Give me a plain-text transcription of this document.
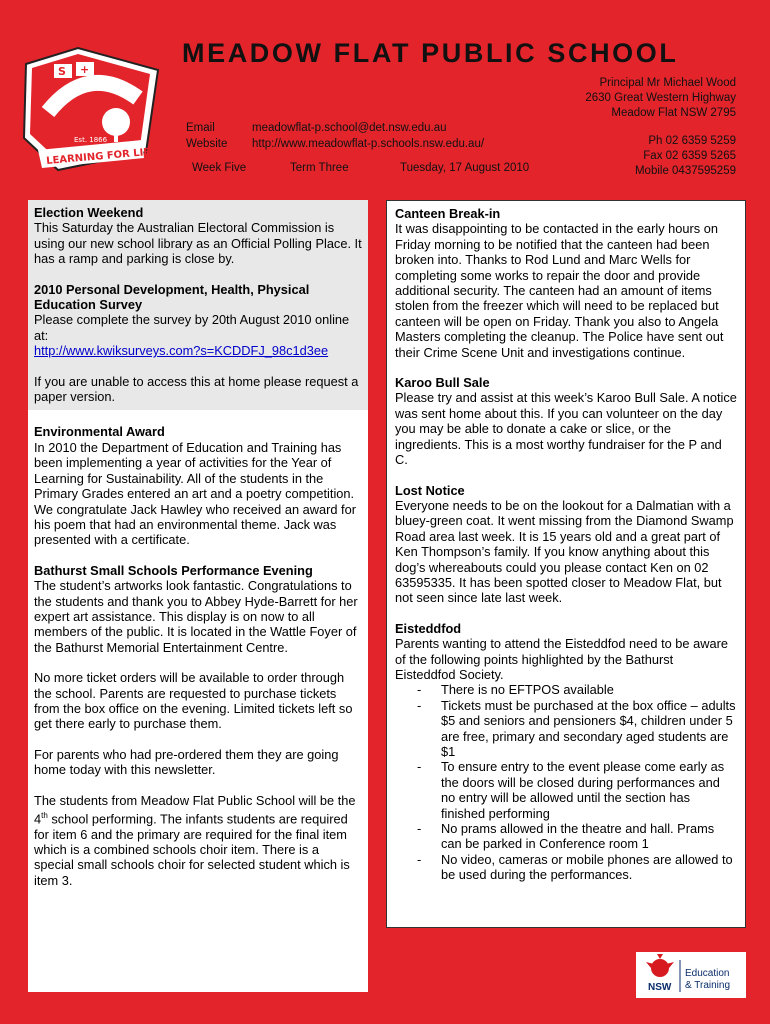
S +
Est. 1866
LEARNING FOR LIFE
MEADOW FLAT PUBLIC SCHOOL
Principal Mr Michael Wood
2630 Great Western Highway
Meadow Flat NSW 2795
Ph 02 6359 5259
Fax 02 6359 5265
Mobile 0437595259
Email	meadowflat-p.school@det.nsw.edu.au
Website http://www.meadowflat-p.schools.nsw.edu.au/
Week Five	Term Three	Tuesday, 17 August 2010
Election Weekend

This Saturday the Australian Electoral Commission is using our new school library as an Official Polling Place. It has a ramp and parking is close by.

2010 Personal Development, Health, Physical Education Survey

Please complete the survey by 20th August 2010 online at:
http://www.kwiksurveys.com?s=KCDDFJ_98c1d3ee

If you are unable to access this at home please request a paper version.

Environmental Award

In 2010 the Department of Education and Training has been implementing a year of activities for the Year of Learning for Sustainability. All of the students in the Primary Grades entered an art and a poetry competition. We congratulate Jack Hawley who received an award for his poem that had an environmental theme. Jack was presented with a certificate.

Bathurst Small Schools Performance Evening

The student’s artworks look fantastic. Congratulations to the students and thank you to Abbey Hyde-Barrett for her expert art assistance. This display is on now to all members of the public. It is located in the Wattle Foyer of the Bathurst Memorial Entertainment Centre.

No more ticket orders will be available to order through the school. Parents are requested to purchase tickets from the box office on the evening. Limited tickets left so get there early to purchase them.

For parents who had pre-ordered them they are going home today with this newsletter.

The students from Meadow Flat Public School will be the 4th school performing. The infants students are required for item 6 and the primary are required for the final item which is a combined schools choir item. There is a special small schools choir for selected student which is item 3.

Canteen Break-in

It was disappointing to be contacted in the early hours on Friday morning to be notified that the canteen had been broken into. Thanks to Rod Lund and Marc Wells for completing some works to repair the door and provide additional security. The canteen had an amount of items stolen from the freezer which will need to be replaced but canteen will be open on Friday. Thank you also to Angela Masters completing the cleanup. The Police have sent out their Crime Scene Unit and investigations continue.

Karoo Bull Sale

Please try and assist at this week’s Karoo Bull Sale. A notice was sent home about this. If you can volunteer on the day you may be able to donate a cake or slice, or the ingredients. This is a most worthy fundraiser for the P and C.

Lost Notice

Everyone needs to be on the lookout for a Dalmatian with a bluey-green coat. It went missing from the Diamond Swamp Road area last week. It is 15 years old and a great part of Ken Thompson’s family. If you know anything about this dog’s whereabouts could you please contact Ken on 02 63595335. It has been spotted closer to Meadow Flat, but not seen since late last week.

Eisteddfod

Parents wanting to attend the Eisteddfod need to be aware of the following points highlighted by the Bathurst Eisteddfod Society.

- There is no EFTPOS available
- Tickets must be purchased at the box office – adults $5 and seniors and pensioners $4, children under 5 are free, primary and secondary aged students are $1
- To ensure entry to the event please come early as the doors will be closed during performances and no entry will be allowed until the section has finished performing
- No prams allowed in the theatre and hall. Prams can be parked in Conference room 1
- No video, cameras or mobile phones are allowed to be used during the performances.
NSW
Education
& Training
